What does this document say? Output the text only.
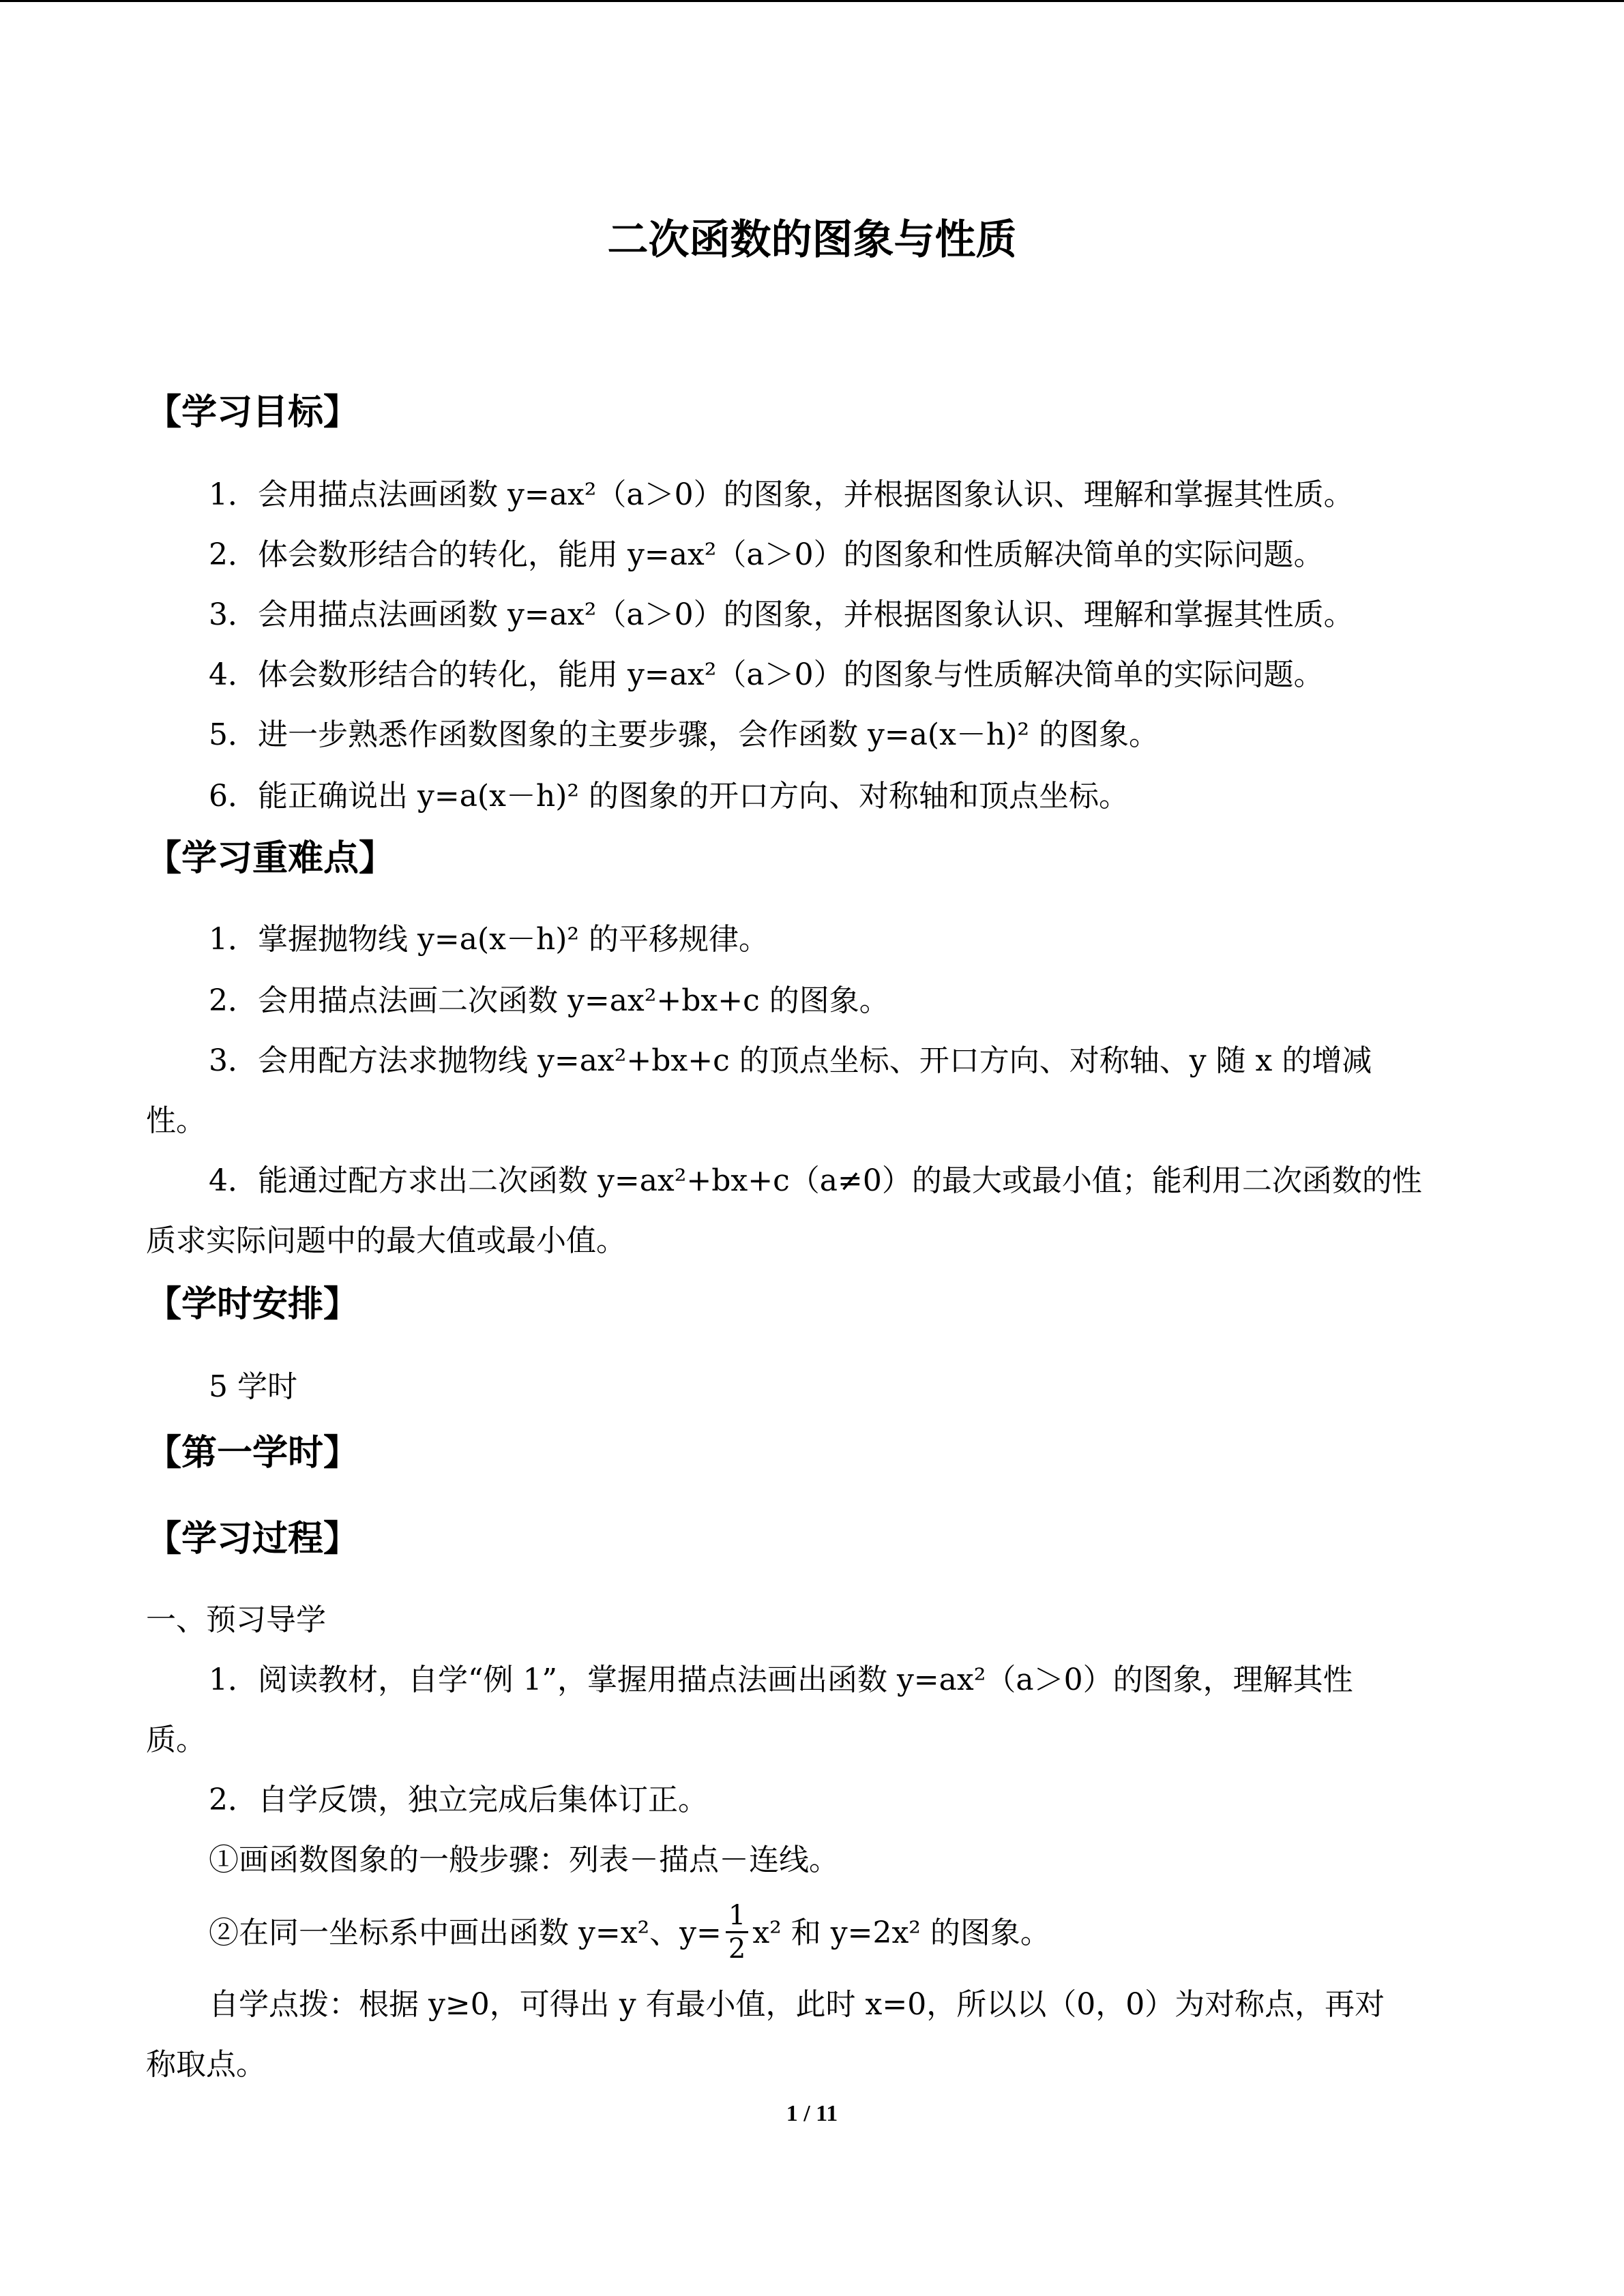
二次函数的图象与性质
【学习目标】
1．会用描点法画函数 y=ax²（a＞0）的图象，并根据图象认识、理解和掌握其性质。
2．体会数形结合的转化，能用 y=ax²（a＞0）的图象和性质解决简单的实际问题。
3．会用描点法画函数 y=ax²（a＞0）的图象，并根据图象认识、理解和掌握其性质。
4．体会数形结合的转化，能用 y=ax²（a＞0）的图象与性质解决简单的实际问题。
5．进一步熟悉作函数图象的主要步骤，会作函数 y=a(x－h)² 的图象。
6．能正确说出 y=a(x－h)² 的图象的开口方向、对称轴和顶点坐标。
【学习重难点】
1．掌握抛物线 y=a(x－h)² 的平移规律。
2．会用描点法画二次函数 y=ax²+bx+c 的图象。
3．会用配方法求抛物线 y=ax²+bx+c 的顶点坐标、开口方向、对称轴、y 随 x 的增减
性。
4．能通过配方求出二次函数 y=ax²+bx+c（a≠0）的最大或最小值；能利用二次函数的性
质求实际问题中的最大值或最小值。
【学时安排】
5 学时
【第一学时】
【学习过程】
一、预习导学
1．阅读教材，自学“例 1”，掌握用描点法画出函数 y=ax²（a＞0）的图象，理解其性
质。
2．自学反馈，独立完成后集体订正。
①画函数图象的一般步骤：列表－描点－连线。
②在同一坐标系中画出函数 y=x²、$y= \frac{1}{2} x^2$ 和 y=2x² 的图象。
自学点拨：根据 y≥0，可得出 y 有最小值，此时 x=0，所以以（0，0）为对称点，再对
称取点。
1 / 11
